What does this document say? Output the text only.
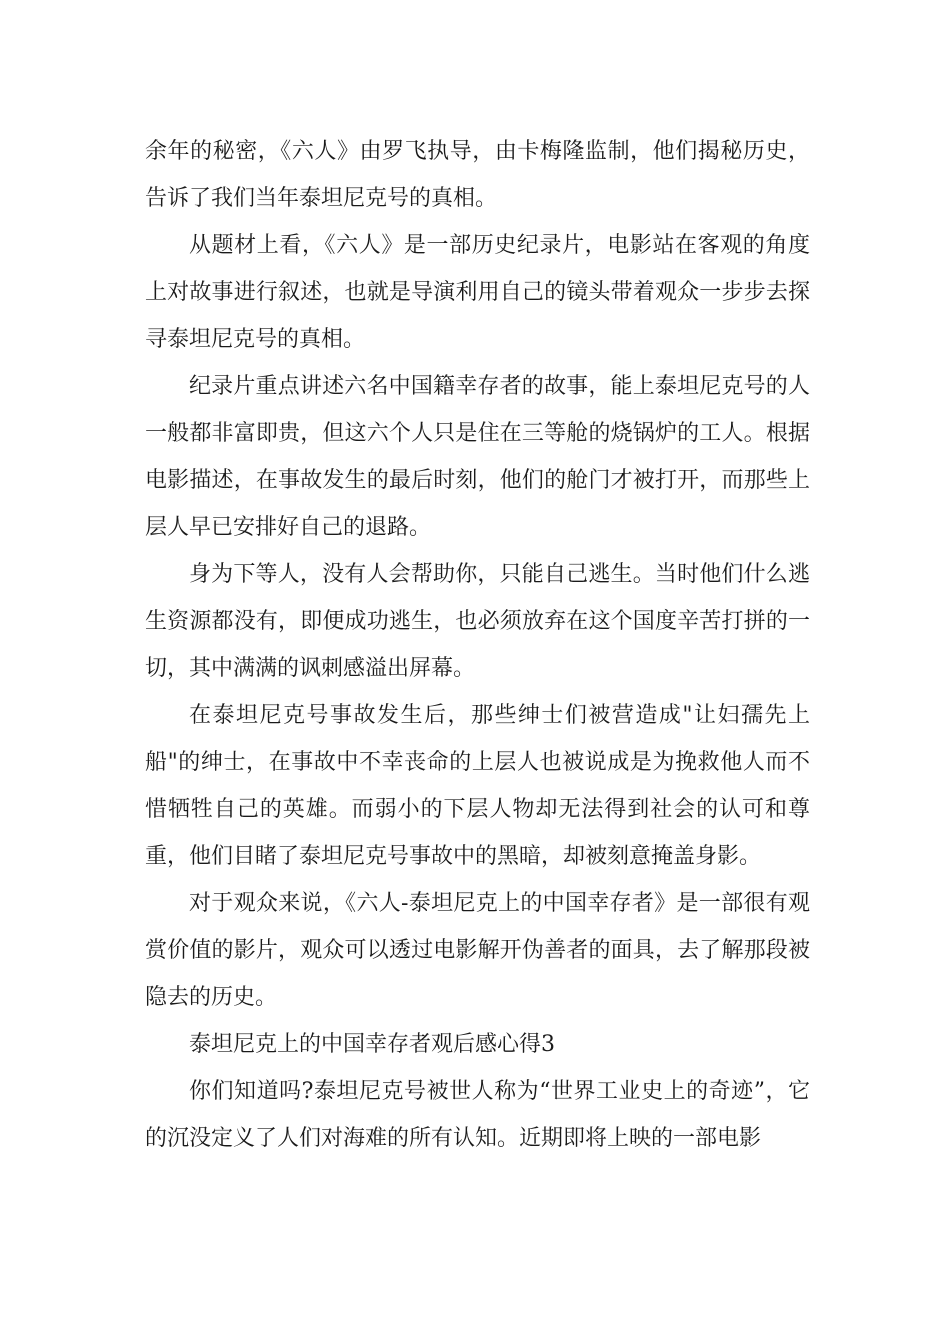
余年的秘密，《六人》由罗飞执导，由卡梅隆监制，他们揭秘历史，告诉了我们当年泰坦尼克号的真相。

从题材上看，《六人》是一部历史纪录片，电影站在客观的角度上对故事进行叙述，也就是导演利用自己的镜头带着观众一步步去探寻泰坦尼克号的真相。

纪录片重点讲述六名中国籍幸存者的故事，能上泰坦尼克号的人一般都非富即贵，但这六个人只是住在三等舱的烧锅炉的工人。根据电影描述，在事故发生的最后时刻，他们的舱门才被打开，而那些上层人早已安排好自己的退路。

身为下等人，没有人会帮助你，只能自己逃生。当时他们什么逃生资源都没有，即便成功逃生，也必须放弃在这个国度辛苦打拼的一切，其中满满的讽刺感溢出屏幕。

在泰坦尼克号事故发生后，那些绅士们被营造成"让妇孺先上船"的绅士，在事故中不幸丧命的上层人也被说成是为挽救他人而不惜牺牲自己的英雄。而弱小的下层人物却无法得到社会的认可和尊重，他们目睹了泰坦尼克号事故中的黑暗，却被刻意掩盖身影。

对于观众来说，《六人-泰坦尼克上的中国幸存者》是一部很有观赏价值的影片，观众可以透过电影解开伪善者的面具，去了解那段被隐去的历史。

泰坦尼克上的中国幸存者观后感心得3

你们知道吗?泰坦尼克号被世人称为“世界工业史上的奇迹”，它的沉没定义了人们对海难的所有认知。近期即将上映的一部电影
